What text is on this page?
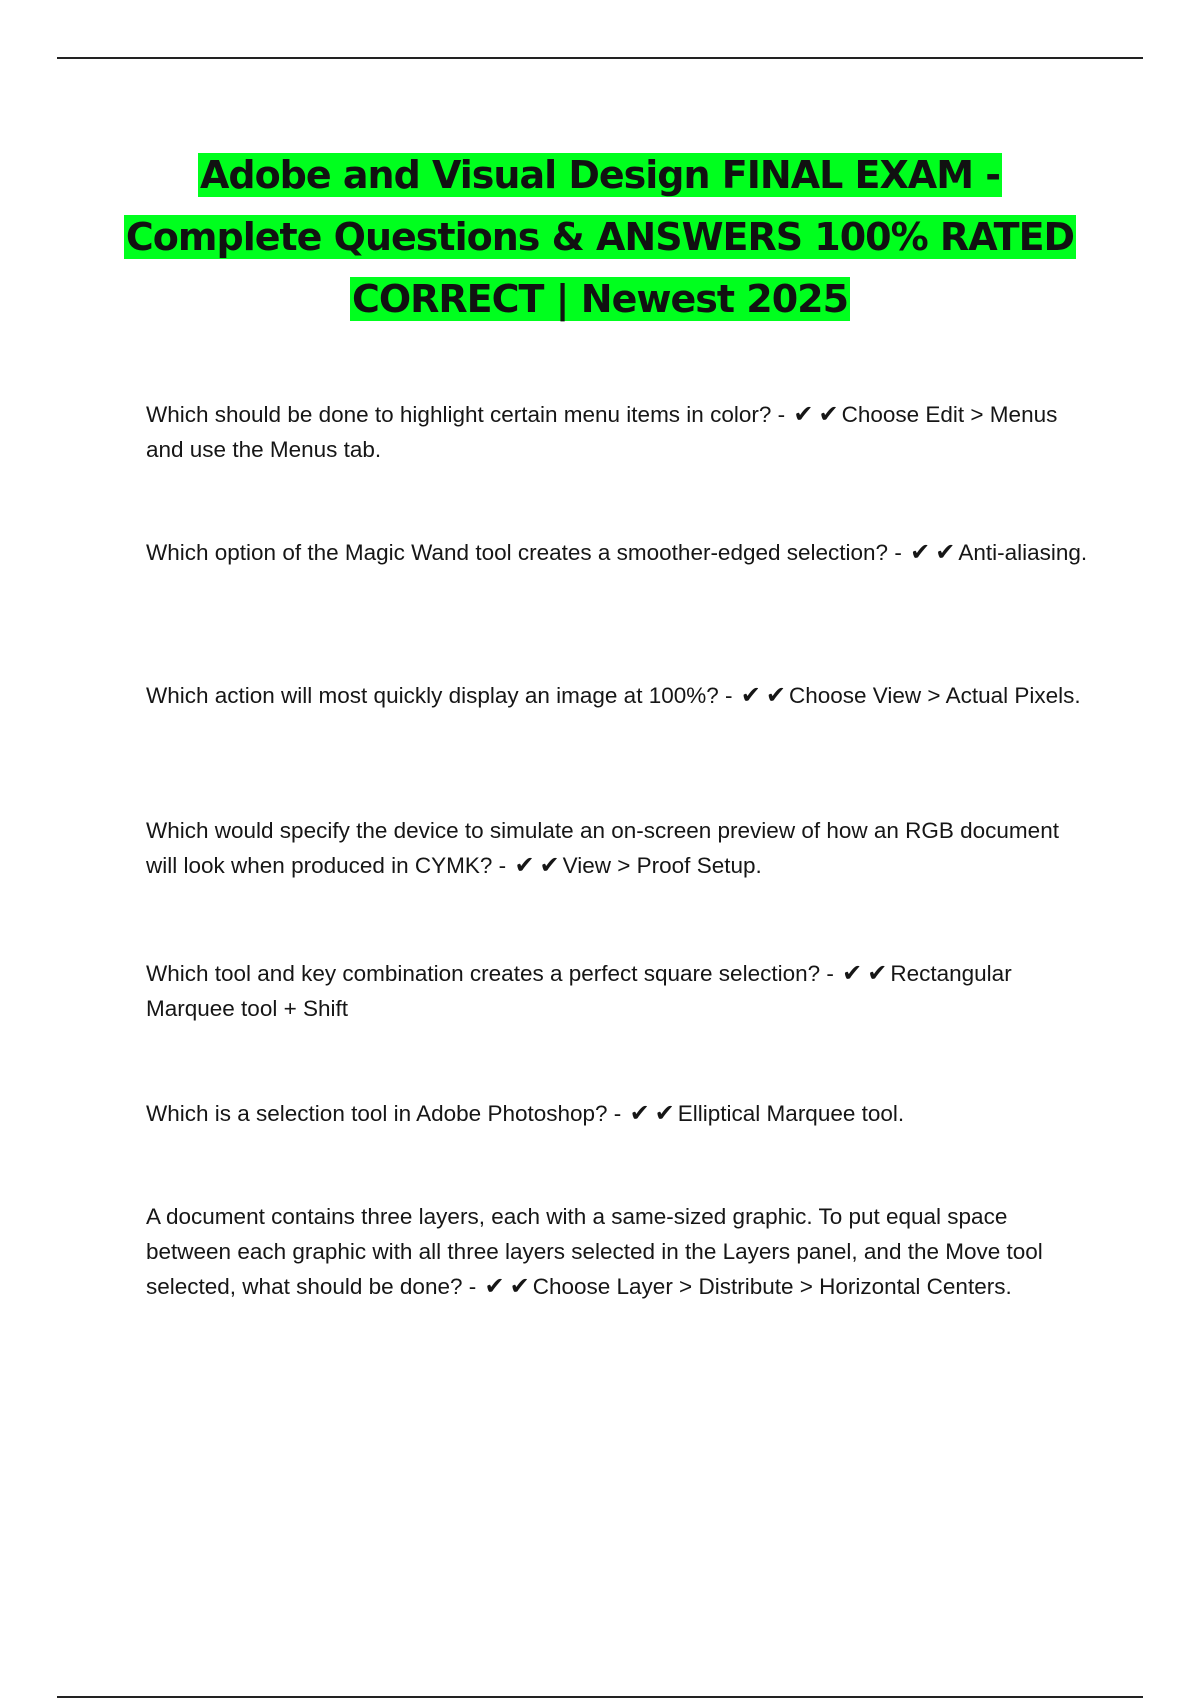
Adobe and Visual Design FINAL EXAM -Complete Questions & ANSWERS 100% RATED CORRECT | Newest 2025
Which should be done to highlight certain menu items in color? - ✔ ✔ Choose Edit > Menus and use the Menus tab.
Which option of the Magic Wand tool creates a smoother-edged selection? - ✔ ✔ Anti-aliasing.
Which action will most quickly display an image at 100%? - ✔ ✔ Choose View > Actual Pixels.
Which would specify the device to simulate an on-screen preview of how an RGB document will look when produced in CYMK? - ✔ ✔ View > Proof Setup.
Which tool and key combination creates a perfect square selection? - ✔ ✔ Rectangular Marquee tool + Shift
Which is a selection tool in Adobe Photoshop? - ✔ ✔ Elliptical Marquee tool.
A document contains three layers, each with a same-sized graphic. To put equal space between each graphic with all three layers selected in the Layers panel, and the Move tool selected, what should be done? - ✔ ✔ Choose Layer > Distribute > Horizontal Centers.
